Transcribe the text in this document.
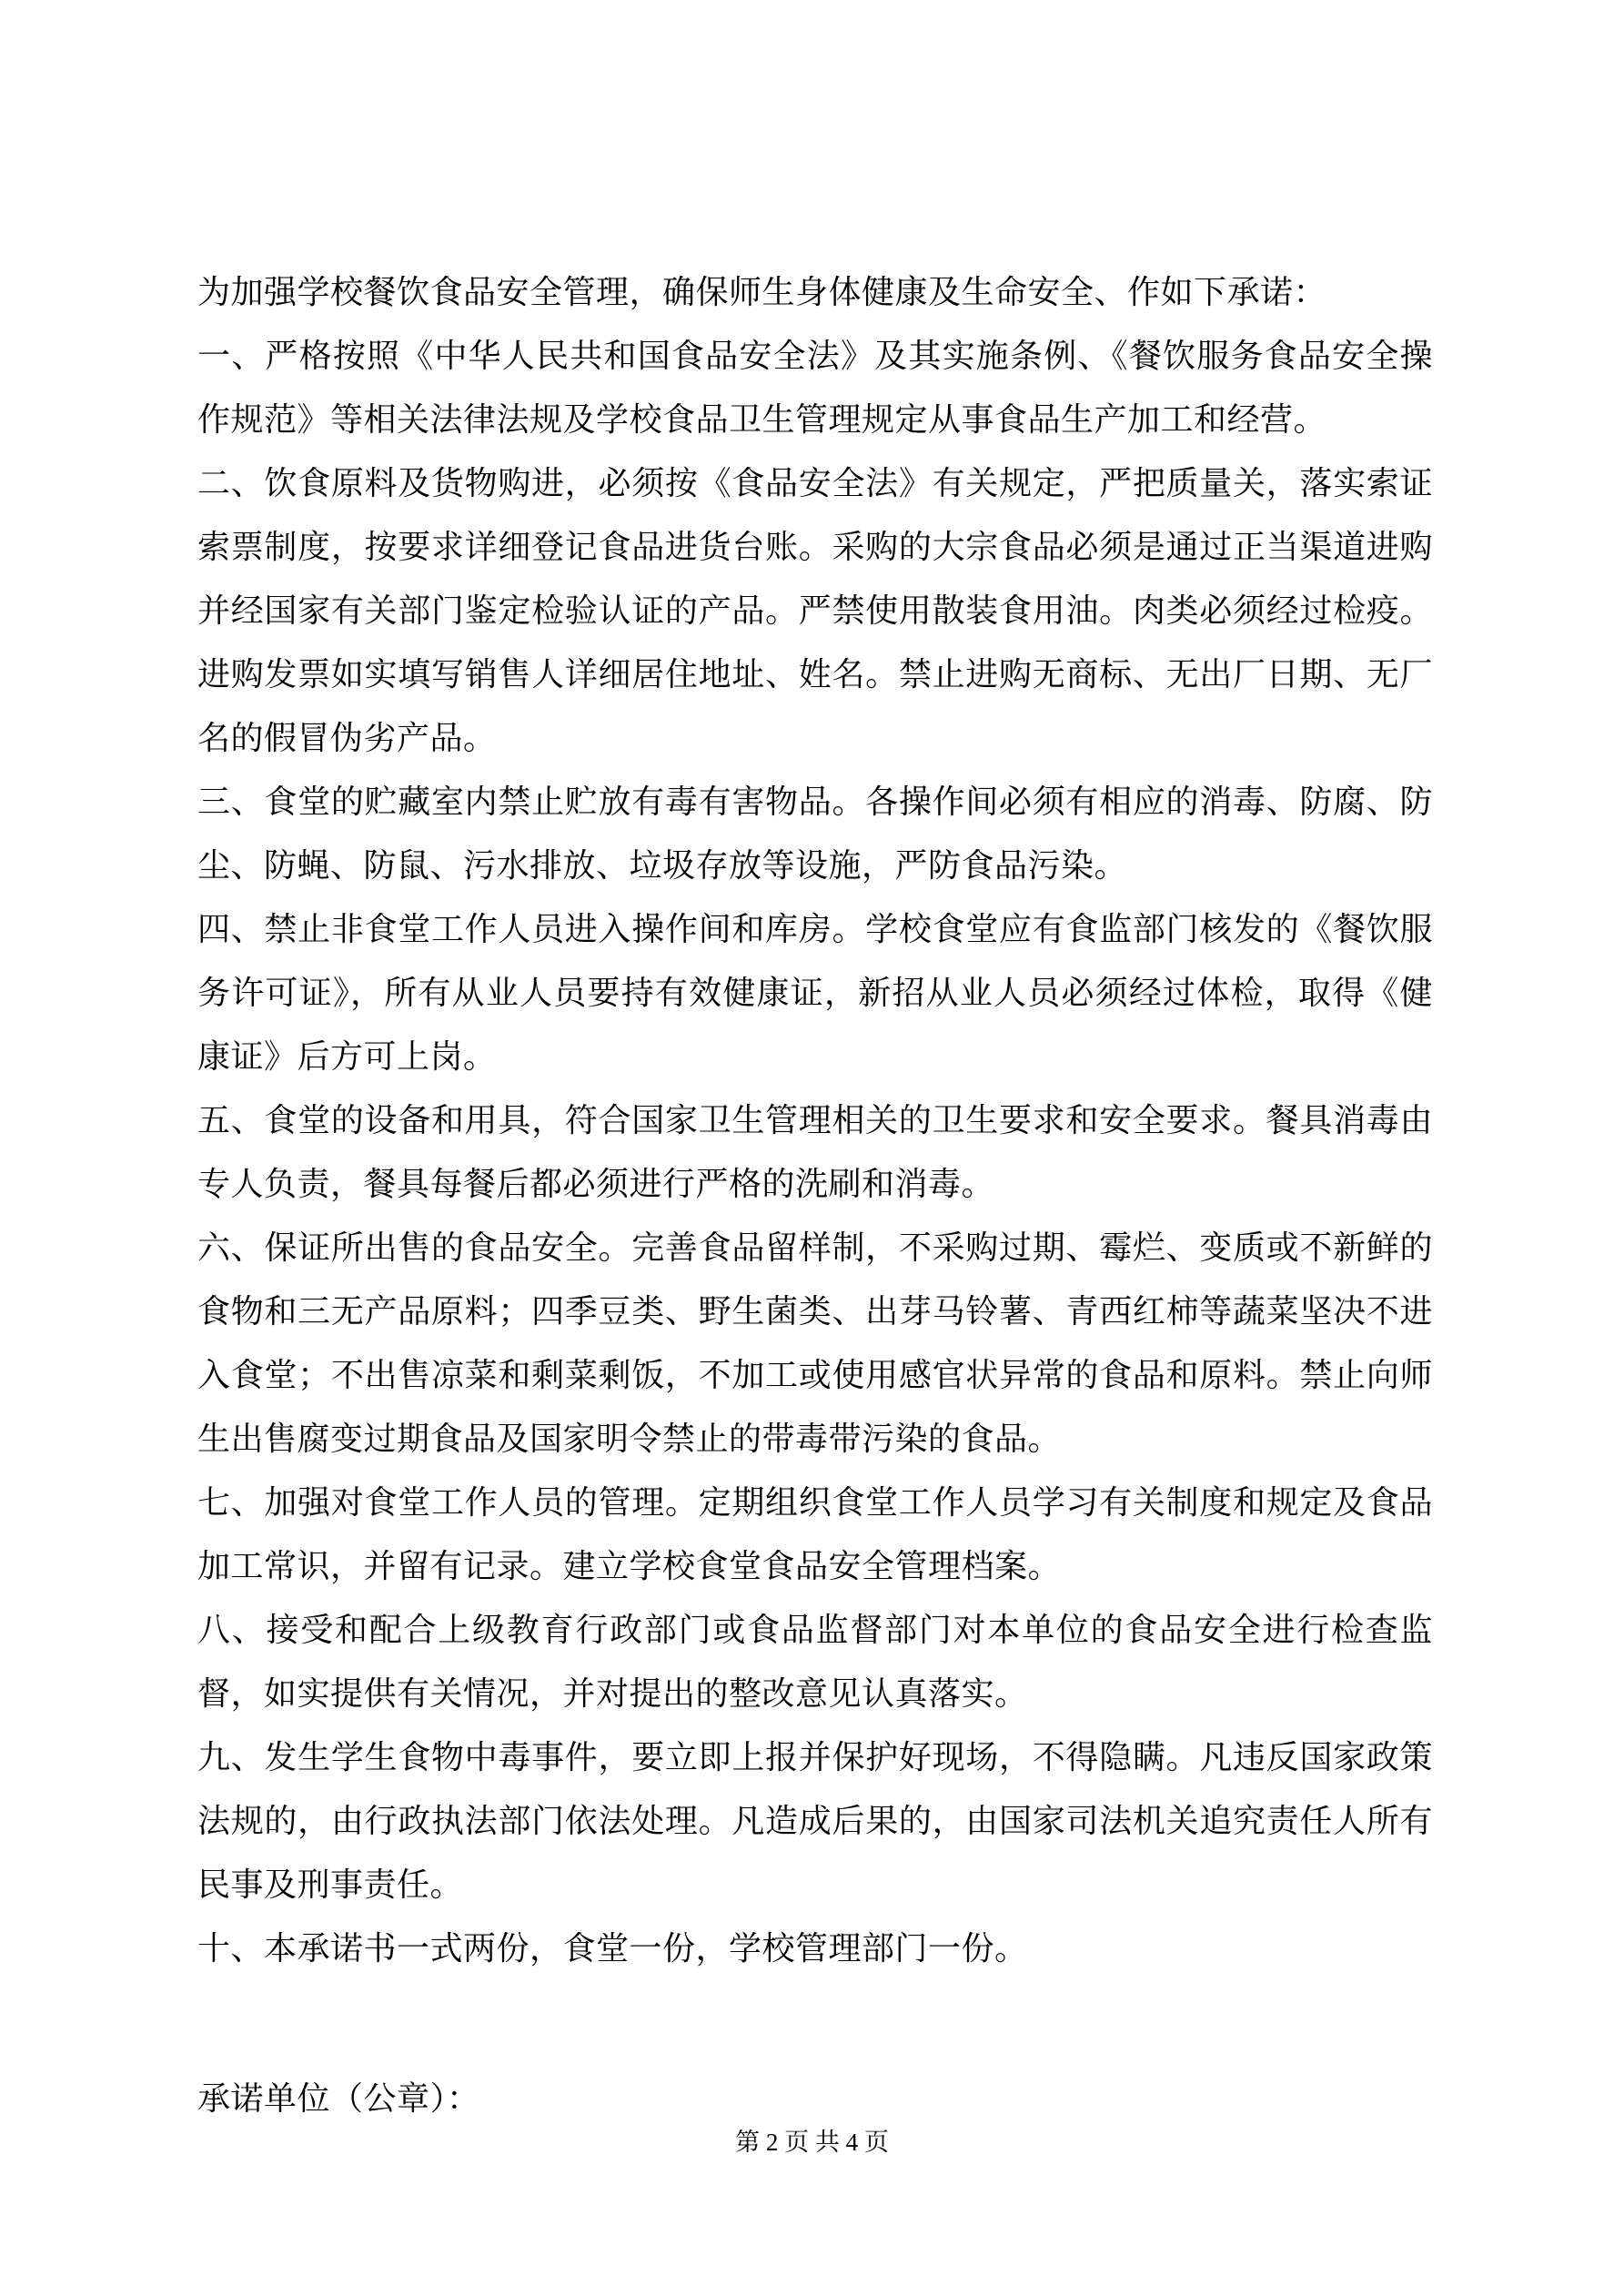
为加强学校餐饮食品安全管理，确保师生身体健康及生命安全、作如下承诺：

一、严格按照《中华人民共和国食品安全法》及其实施条例、《餐饮服务食品安全操作规范》等相关法律法规及学校食品卫生管理规定从事食品生产加工和经营。

二、饮食原料及货物购进，必须按《食品安全法》有关规定，严把质量关，落实索证索票制度，按要求详细登记食品进货台账。采购的大宗食品必须是通过正当渠道进购并经国家有关部门鉴定检验认证的产品。严禁使用散装食用油。肉类必须经过检疫。进购发票如实填写销售人详细居住地址、姓名。禁止进购无商标、无出厂日期、无厂名的假冒伪劣产品。

三、食堂的贮藏室内禁止贮放有毒有害物品。各操作间必须有相应的消毒、防腐、防尘、防蝇、防鼠、污水排放、垃圾存放等设施，严防食品污染。

四、禁止非食堂工作人员进入操作间和库房。学校食堂应有食监部门核发的《餐饮服务许可证》，所有从业人员要持有效健康证，新招从业人员必须经过体检，取得《健康证》后方可上岗。

五、食堂的设备和用具，符合国家卫生管理相关的卫生要求和安全要求。餐具消毒由专人负责，餐具每餐后都必须进行严格的洗刷和消毒。

六、保证所出售的食品安全。完善食品留样制，不采购过期、霉烂、变质或不新鲜的食物和三无产品原料；四季豆类、野生菌类、出芽马铃薯、青西红柿等蔬菜坚决不进入食堂；不出售凉菜和剩菜剩饭，不加工或使用感官状异常的食品和原料。禁止向师生出售腐变过期食品及国家明令禁止的带毒带污染的食品。

七、加强对食堂工作人员的管理。定期组织食堂工作人员学习有关制度和规定及食品加工常识，并留有记录。建立学校食堂食品安全管理档案。

八、接受和配合上级教育行政部门或食品监督部门对本单位的食品安全进行检查监督，如实提供有关情况，并对提出的整改意见认真落实。

九、发生学生食物中毒事件，要立即上报并保护好现场，不得隐瞒。凡违反国家政策法规的，由行政执法部门依法处理。凡造成后果的，由国家司法机关追究责任人所有民事及刑事责任。

十、本承诺书一式两份，食堂一份，学校管理部门一份。

承诺单位（公章）：

第 2 页 共 4 页
